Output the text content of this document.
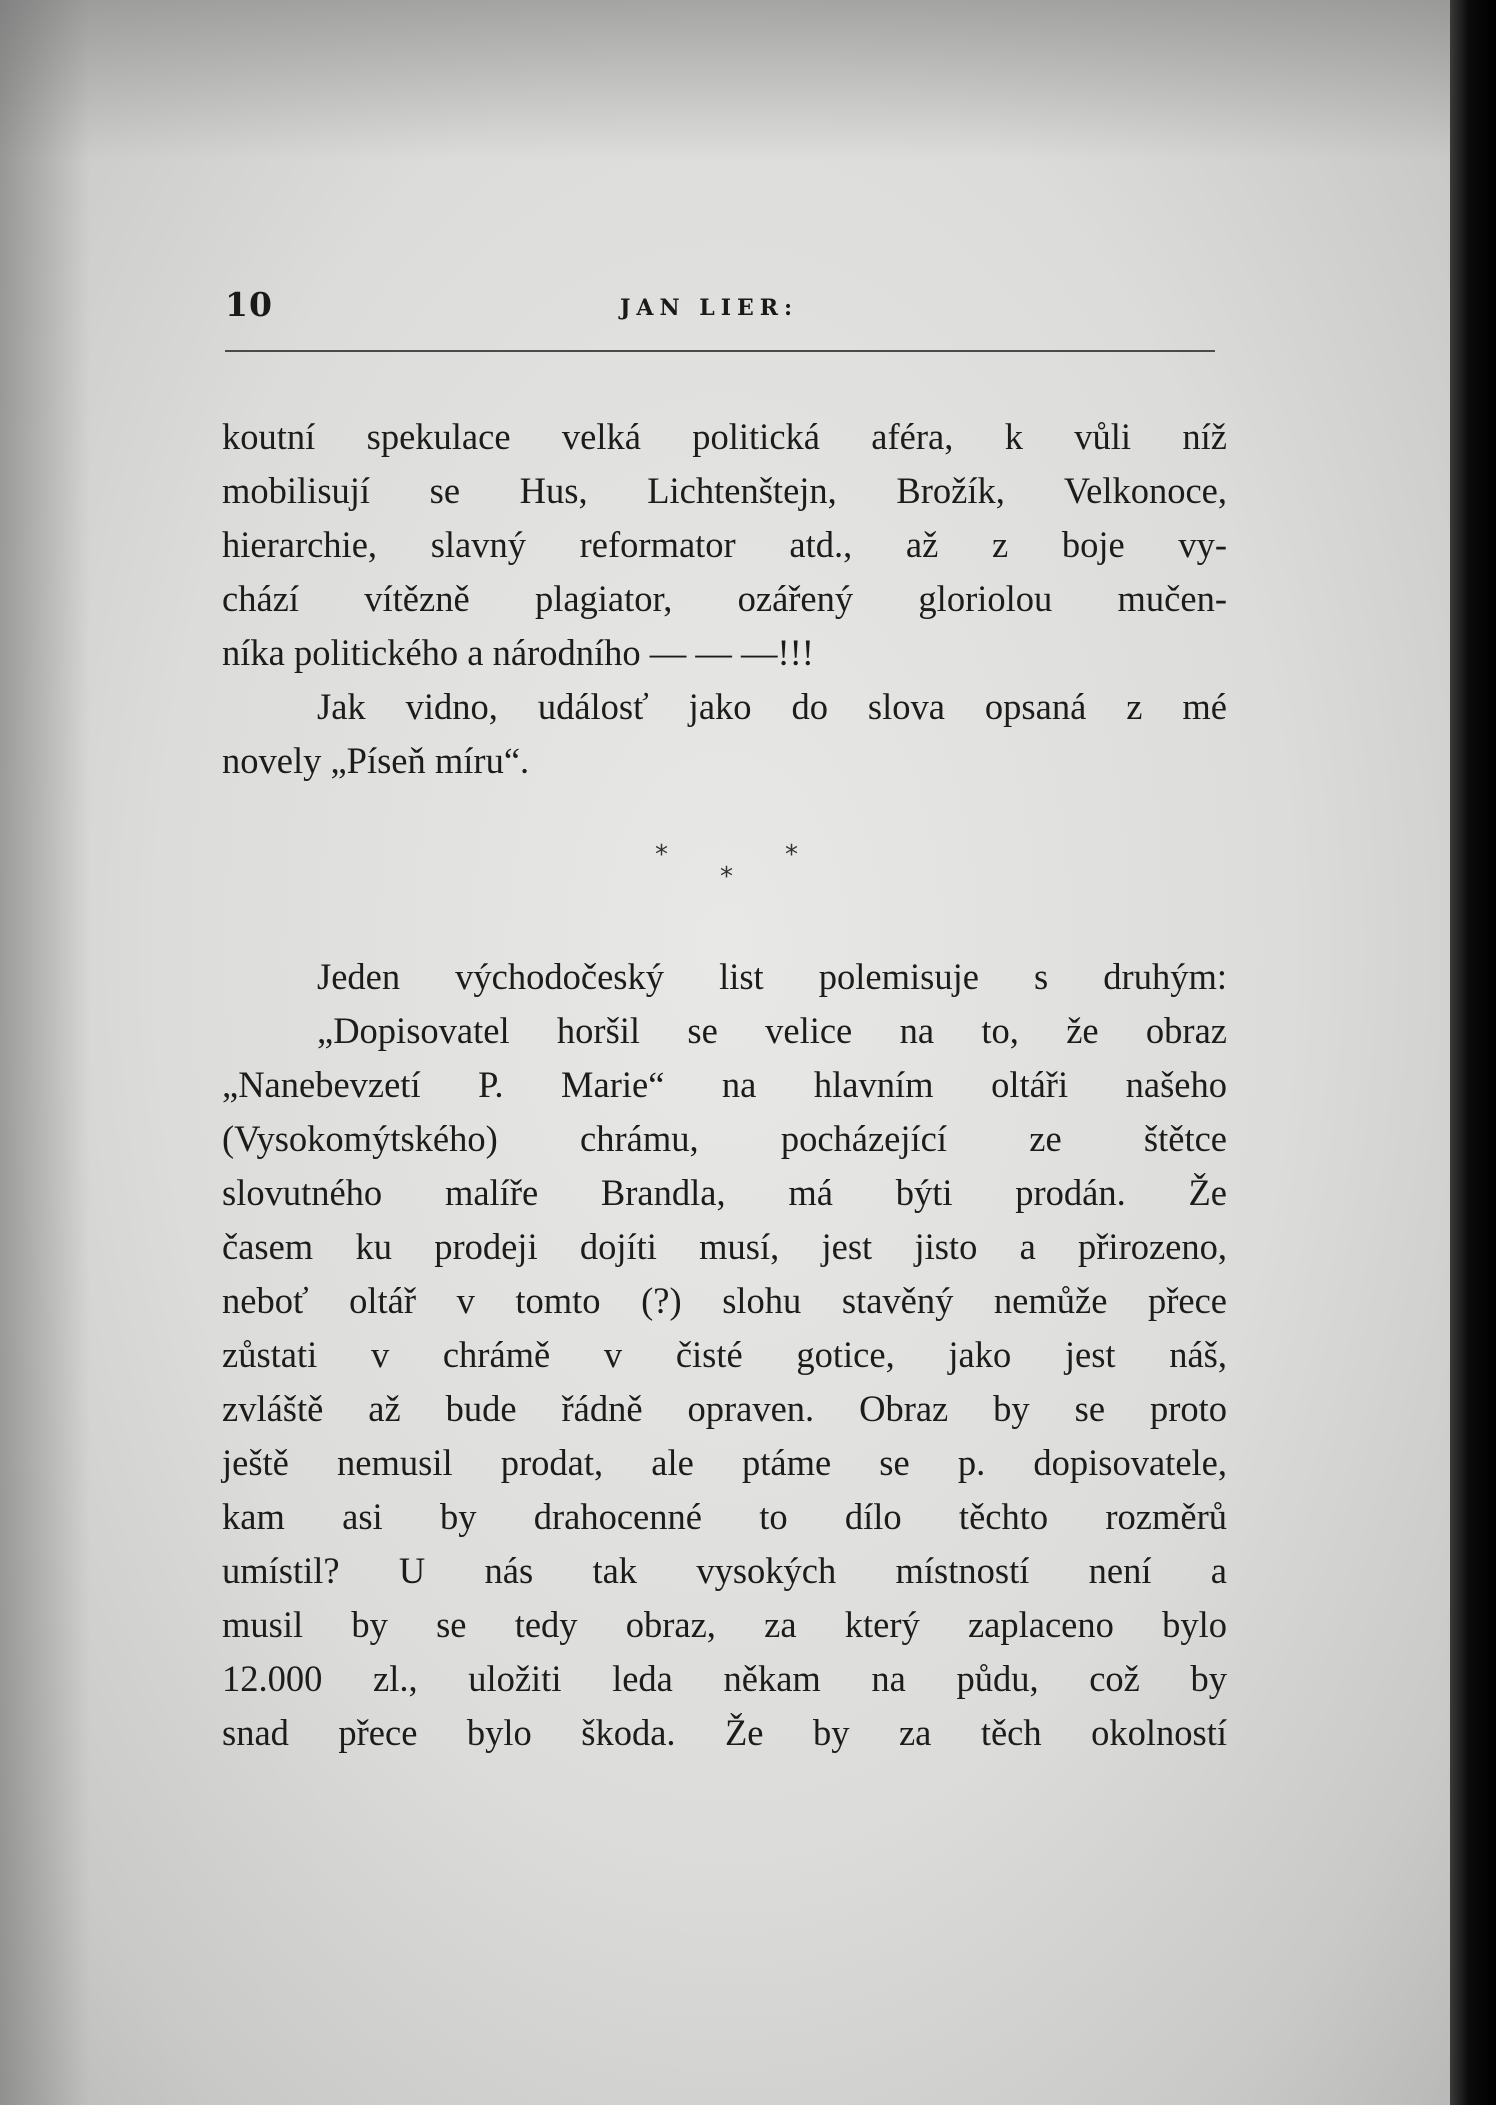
10	JAN LIER:
koutní spekulace velká politická aféra, k vůli níž
mobilisují se Hus, Lichtenštejn, Brožík, Velkonoce,
hierarchie, slavný reformator atd., až z boje vy-
chází vítězně plagiator, ozářený gloriolou mučen-
níka politického a národního — — —!!!
Jak vidno, událosť jako do slova opsaná z mé
novely „Píseň míru“.
*
*
*
Jeden východočeský list polemisuje s druhým:
„Dopisovatel horšil se velice na to, že obraz
„Nanebevzetí P. Marie“ na hlavním oltáři našeho
(Vysokomýtského) chrámu, pocházející ze štětce
slovutného malíře Brandla, má býti prodán. Že
časem ku prodeji dojíti musí, jest jisto a přirozeno,
neboť oltář v tomto (?) slohu stavěný nemůže přece
zůstati v chrámě v čisté gotice, jako jest náš,
zvláště až bude řádně opraven. Obraz by se proto
ještě nemusil prodat, ale ptáme se p. dopisovatele,
kam asi by drahocenné to dílo těchto rozměrů
umístil? U nás tak vysokých místností není a
musil by se tedy obraz, za který zaplaceno bylo
12.000 zl., uložiti leda někam na půdu, což by
snad přece bylo škoda. Že by za těch okolností
